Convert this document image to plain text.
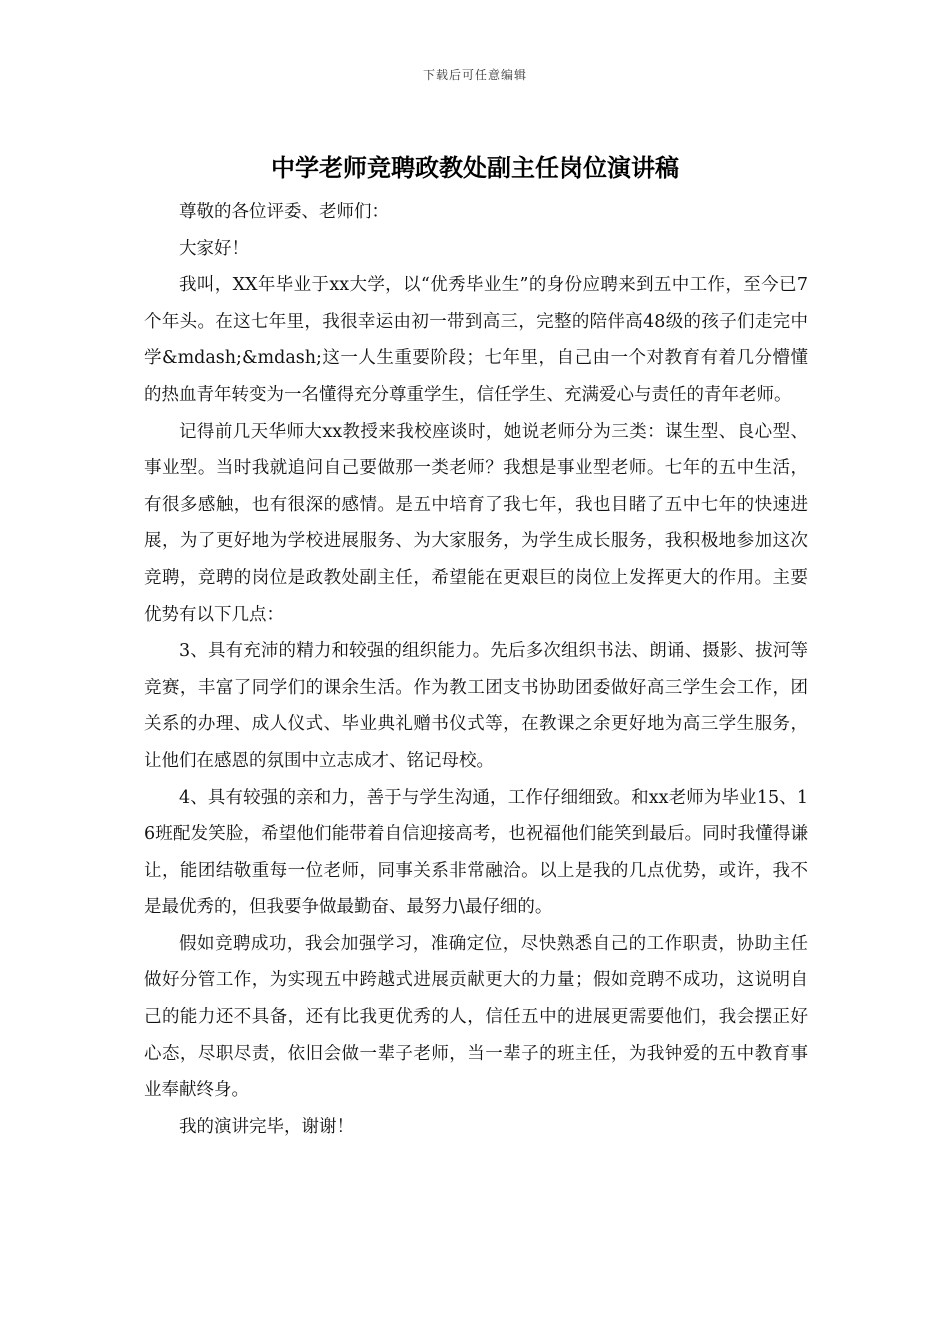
下载后可任意编辑
中学老师竞聘政教处副主任岗位演讲稿

尊敬的各位评委、老师们：

大家好！

我叫，XX年毕业于xx大学，以“优秀毕业生”的身份应聘来到五中工作，至今已7个年头。在这七年里，我很幸运由初一带到高三，完整的陪伴高48级的孩子们走完中学&mdash;&mdash;这一人生重要阶段；七年里，自己由一个对教育有着几分懵懂的热血青年转变为一名懂得充分尊重学生，信任学生、充满爱心与责任的青年老师。

记得前几天华师大xx教授来我校座谈时，她说老师分为三类：谋生型、良心型、事业型。当时我就追问自己要做那一类老师？我想是事业型老师。七年的五中生活，有很多感触，也有很深的感情。是五中培育了我七年，我也目睹了五中七年的快速进展，为了更好地为学校进展服务、为大家服务，为学生成长服务，我积极地参加这次竞聘，竞聘的岗位是政教处副主任，希望能在更艰巨的岗位上发挥更大的作用。主要优势有以下几点：

3、具有充沛的精力和较强的组织能力。先后多次组织书法、朗诵、摄影、拔河等竞赛，丰富了同学们的课余生活。作为教工团支书协助团委做好高三学生会工作，团关系的办理、成人仪式、毕业典礼赠书仪式等，在教课之余更好地为高三学生服务，让他们在感恩的氛围中立志成才、铭记母校。

4、具有较强的亲和力，善于与学生沟通，工作仔细细致。和xx老师为毕业15、16班配发笑脸，希望他们能带着自信迎接高考，也祝福他们能笑到最后。同时我懂得谦让，能团结敬重每一位老师，同事关系非常融洽。以上是我的几点优势，或许，我不是最优秀的，但我要争做最勤奋、最努力\最仔细的。

假如竞聘成功，我会加强学习，准确定位，尽快熟悉自己的工作职责，协助主任做好分管工作，为实现五中跨越式进展贡献更大的力量；假如竞聘不成功，这说明自己的能力还不具备，还有比我更优秀的人，信任五中的进展更需要他们，我会摆正好心态，尽职尽责，依旧会做一辈子老师，当一辈子的班主任，为我钟爱的五中教育事业奉献终身。

我的演讲完毕，谢谢！
